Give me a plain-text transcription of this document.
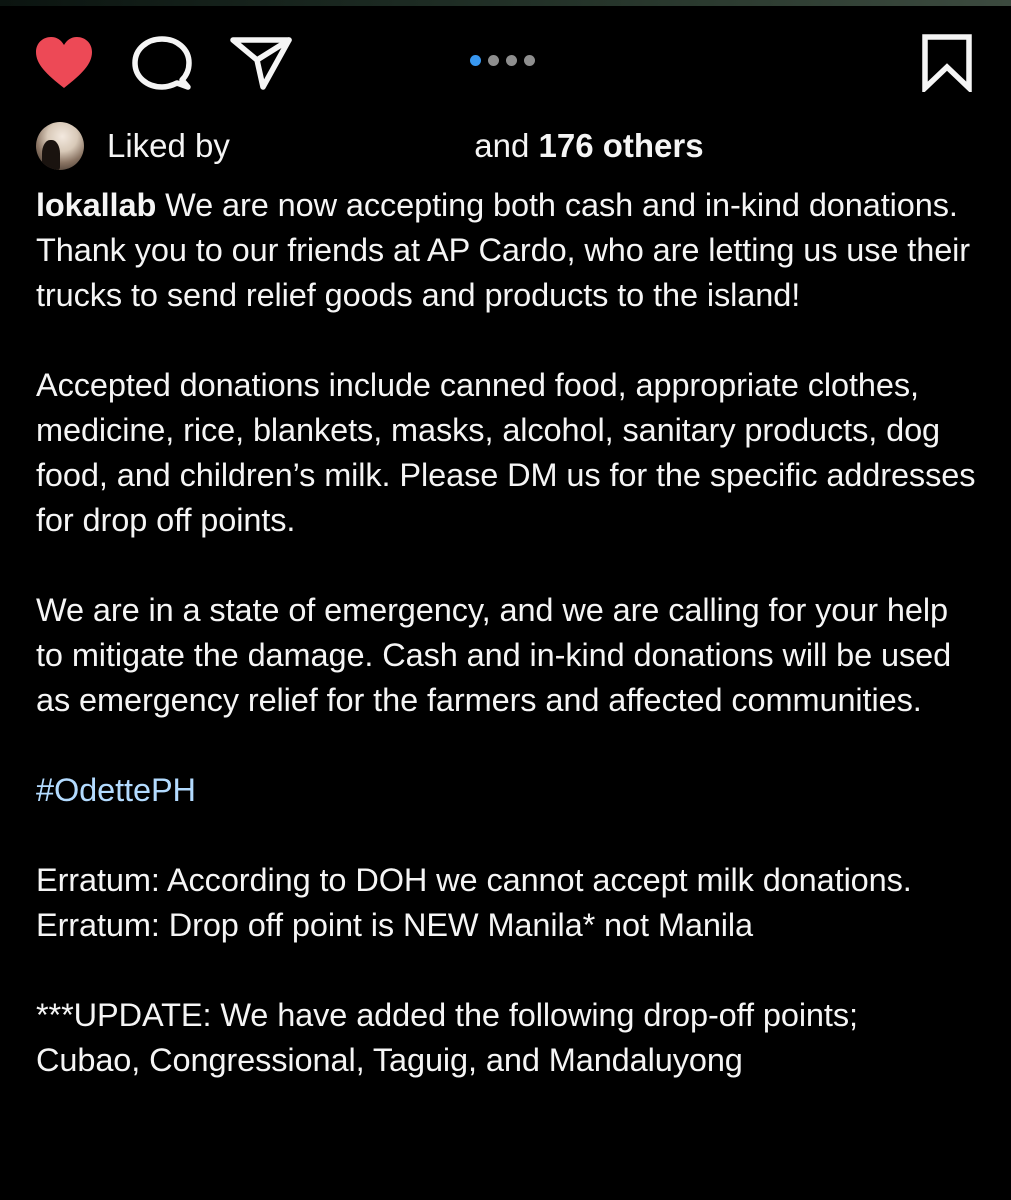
Liked by	and 176 others

lokallab We are now accepting both cash and in-kind donations. Thank you to our friends at AP Cardo, who are letting us use their trucks to send relief goods and products to the island!

Accepted donations include canned food, appropriate clothes, medicine, rice, blankets, masks, alcohol, sanitary products, dog food, and children’s milk. Please DM us for the specific addresses for drop off points.

We are in a state of emergency, and we are calling for your help to mitigate the damage. Cash and in-kind donations will be used as emergency relief for the farmers and affected communities.

#OdettePH

Erratum: According to DOH we cannot accept milk donations.
Erratum: Drop off point is NEW Manila* not Manila

***UPDATE: We have added the following drop-off points;
Cubao, Congressional, Taguig, and Mandaluyong
